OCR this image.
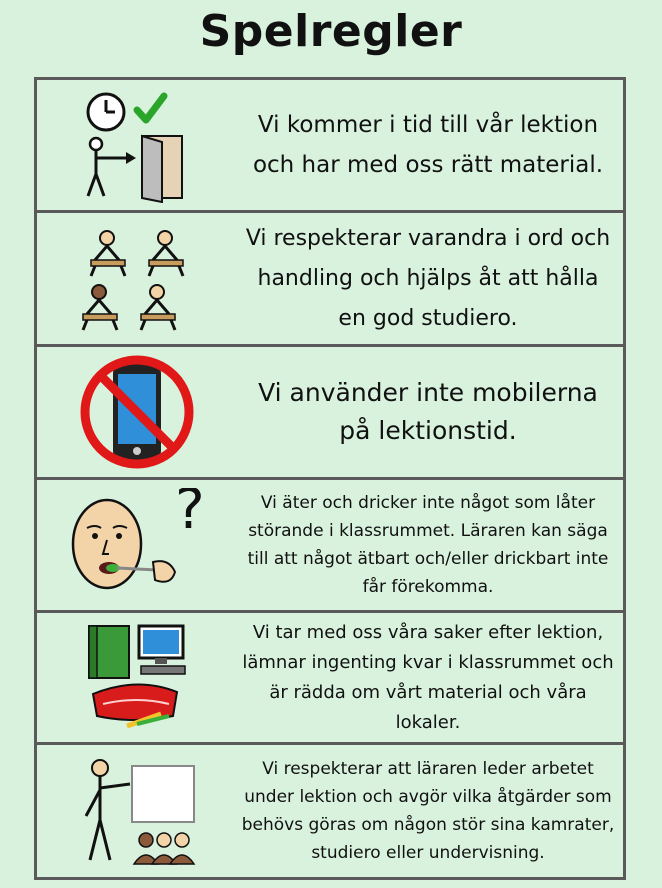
Spelregler
Vi kommer i tid till vår lektion och har med oss rätt material.
Vi respekterar varandra i ord och handling och hjälps åt att hålla en god studiero.
Vi använder inte mobilerna på lektionstid.
?	Vi äter och dricker inte något som låter störande i klassrummet. Läraren kan säga till att något ätbart och/eller drickbart inte får förekomma.
Vi tar med oss våra saker efter lektion, lämnar ingenting kvar i klassrummet och är rädda om vårt material och våra lokaler.
Vi respekterar att läraren leder arbetet under lektion och avgör vilka åtgärder som behövs göras om någon stör sina kamrater, studiero eller undervisning.
